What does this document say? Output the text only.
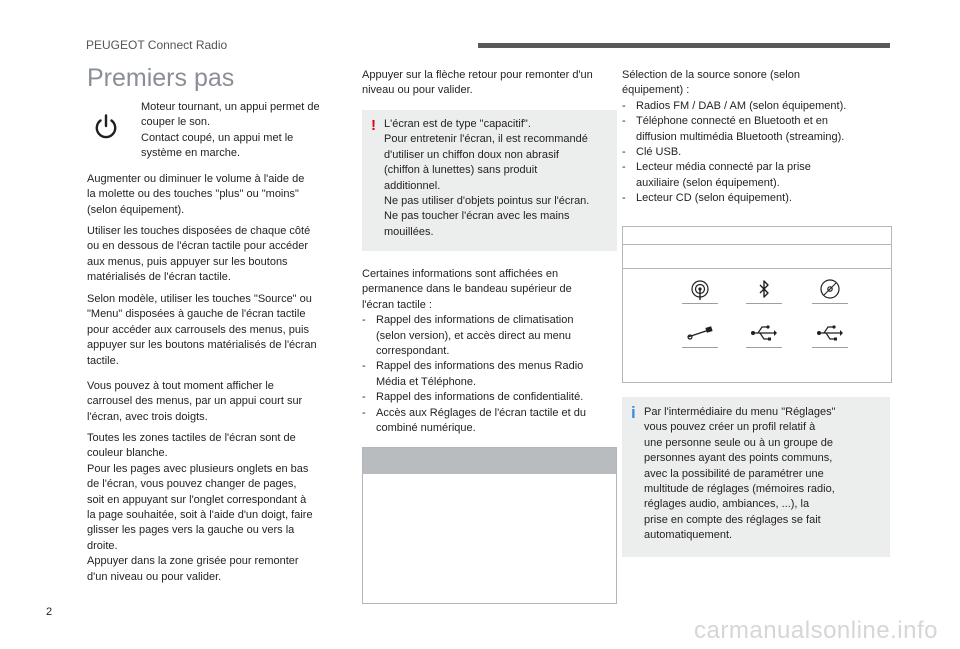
PEUGEOT Connect Radio
Premiers pas

Moteur tournant, un appui permet de

couper le son.

Contact coupé, un appui met le

système en marche.

Augmenter ou diminuer le volume à l'aide de

la molette ou des touches "plus" ou "moins"

(selon équipement).

Utiliser les touches disposées de chaque côté

ou en dessous de l'écran tactile pour accéder

aux menus, puis appuyer sur les boutons

matérialisés de l'écran tactile.

Selon modèle, utiliser les touches "Source" ou

"Menu" disposées à gauche de l'écran tactile

pour accéder aux carrousels des menus, puis

appuyer sur les boutons matérialisés de l'écran

tactile.

Vous pouvez à tout moment afficher le

carrousel des menus, par un appui court sur

l'écran, avec trois doigts.

Toutes les zones tactiles de l'écran sont de

couleur blanche.

Pour les pages avec plusieurs onglets en bas

de l'écran, vous pouvez changer de pages,

soit en appuyant sur l'onglet correspondant à

la page souhaitée, soit à l'aide d'un doigt, faire

glisser les pages vers la gauche ou vers la

droite.

Appuyer dans la zone grisée pour remonter

d'un niveau ou pour valider.

Appuyer sur la flèche retour pour remonter d'un

niveau ou pour valider.

! L'écran est de type "capacitif".

Pour entretenir l'écran, il est recommandé

d'utiliser un chiffon doux non abrasif

(chiffon à lunettes) sans produit

additionnel.

Ne pas utiliser d'objets pointus sur l'écran.

Ne pas toucher l'écran avec les mains

mouillées.

Certaines informations sont affichées en

permanence dans le bandeau supérieur de

l'écran tactile :

- Rappel des informations de climatisation
(selon version), et accès direct au menu
correspondant.
- Rappel des informations des menus Radio
Média et Téléphone.
- Rappel des informations de confidentialité.
- Accès aux Réglages de l'écran tactile et du
combiné numérique.

Sélection de la source sonore (selon

équipement) :

- Radios FM / DAB / AM (selon équipement).
- Téléphone connecté en Bluetooth et en
diffusion multimédia Bluetooth (streaming).
- Clé USB.
- Lecteur média connecté par la prise
auxiliaire (selon équipement).
- Lecteur CD (selon équipement).
i Par l'intermédiaire du menu "Réglages"

vous pouvez créer un profil relatif à

une personne seule ou à un groupe de

personnes ayant des points communs,

avec la possibilité de paramétrer une

multitude de réglages (mémoires radio,

réglages audio, ambiances, ...), la

prise en compte des réglages se fait

automatiquement.

2
carmanualsonline.info
